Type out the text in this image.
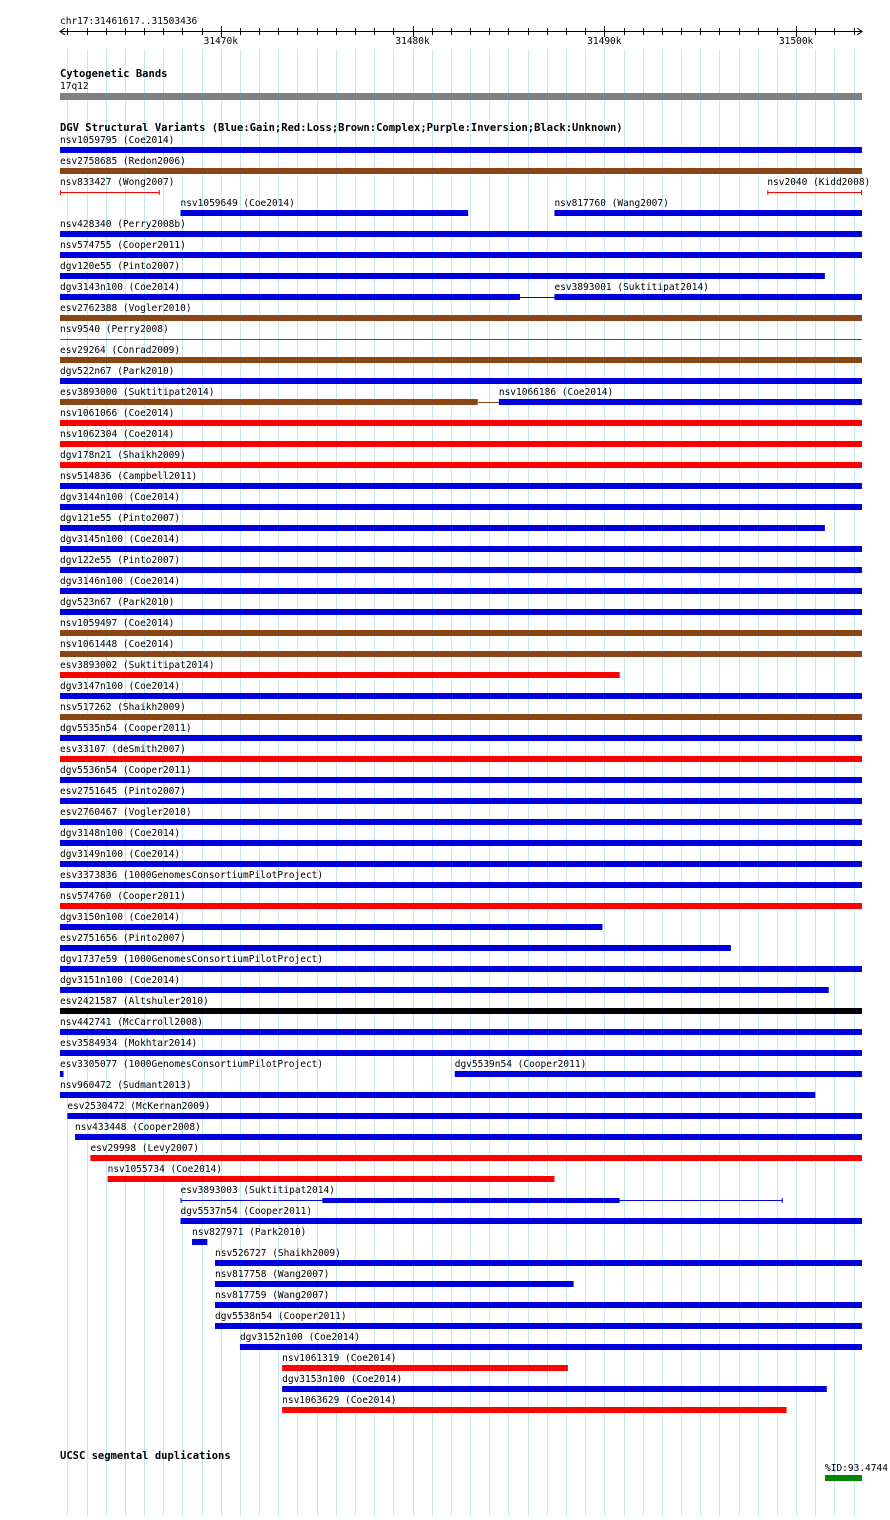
chr17:31461617..31503436
31470k	31480k	31490k	31500k
Cytogenetic Bands
17q12
DGV Structural Variants (Blue:Gain;Red:Loss;Brown:Complex;Purple:Inversion;Black:Unknown)
nsv1059795 (Coe2014)
esv2758685 (Redon2006)
nsv833427 (Wong2007)
nsv1059649 (Coe2014)
nsv2040 (Kidd2008)
nsv428340 (Perry2008b)
nsv574755 (Cooper2011)
dgv120e55 (Pinto2007)
dgv3143n100 (Coe2014)
nsv817760 (Wang2007)
esv2762388 (Vogler2010)
nsv9540 (Perry2008)
esv29264 (Conrad2009)
dgv522n67 (Park2010)
esv3893000 (Suktitipat2014)
nsv1061066 (Coe2014)
nsv1062304 (Coe2014)
dgv178n21 (Shaikh2009)
nsv514836 (Campbell2011)
dgv3144n100 (Coe2014)
dgv121e55 (Pinto2007)
dgv3145n100 (Coe2014)
esv3893001 (Suktitipat2014)
dgv122e55 (Pinto2007)
dgv3146n100 (Coe2014)
dgv523n67 (Park2010)
nsv1059497 (Coe2014)
nsv1061448 (Coe2014)
esv3893002 (Suktitipat2014)
dgv3147n100 (Coe2014)
nsv517262 (Shaikh2009)
dgv5535n54 (Cooper2011)
esv33107 (deSmith2007)
dgv5536n54 (Cooper2011)
esv2751645 (Pinto2007)
esv2760467 (Vogler2010)
dgv3148n100 (Coe2014)
dgv3149n100 (Coe2014)
esv3373836 (1000GenomesConsortiumPilotProject)
nsv574760 (Cooper2011)
dgv3150n100 (Coe2014)
esv2751656 (Pinto2007)
dgv1737e59 (1000GenomesConsortiumPilotProject)
dgv3151n100 (Coe2014)
esv2421587 (Altshuler2010)
nsv442741 (McCarroll2008)
esv3584934 (Mokhtar2014)
esv3305077 (1000GenomesConsortiumPilotProject)	dgv5539n54 (Cooper2011)
nsv960472 (Sudmant2013)
esv2530472 (McKernan2009)
nsv433448 (Cooper2008)
esv29998 (Levy2007)
nsv1055734 (Coe2014)
esv3893003 (Suktitipat2014)
dgv5537n54 (Cooper2011)
nsv827971 (Park2010)
nsv1066186 (Coe2014)
nsv526727 (Shaikh2009)
nsv817758 (Wang2007)
nsv817759 (Wang2007)
dgv5538n54 (Cooper2011)
dgv3152n100 (Coe2014)
nsv1061319 (Coe2014)
dgv3153n100 (Coe2014)
nsv1063629 (Coe2014)
UCSC segmental duplications
%ID:93.4744
